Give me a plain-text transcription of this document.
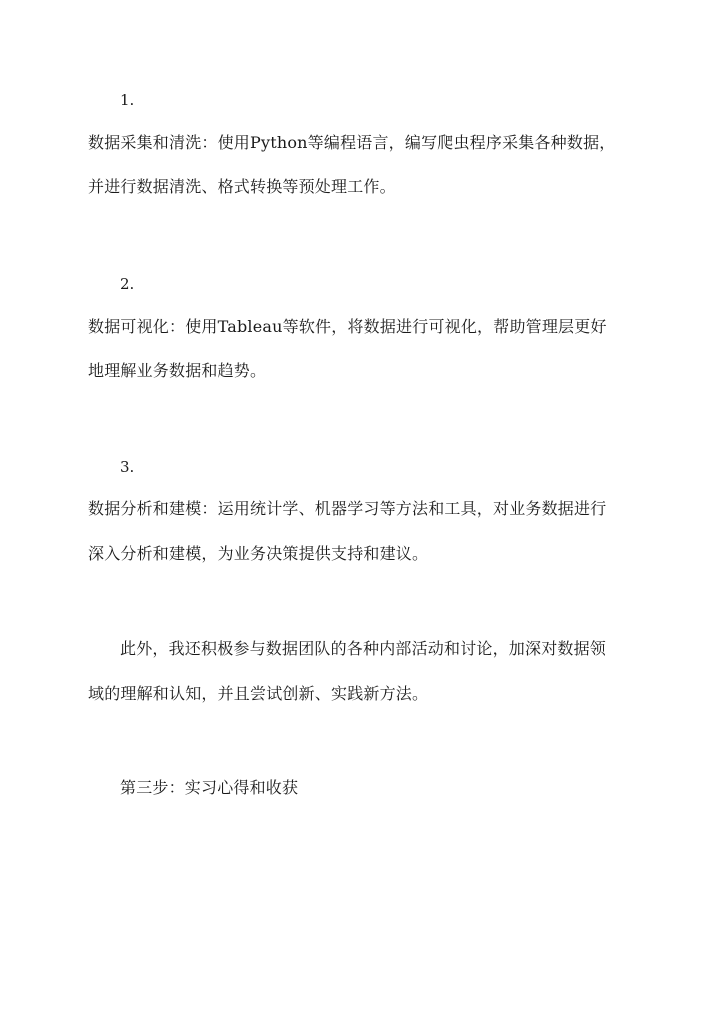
1.
数据采集和清洗：使用Python等编程语言，编写爬虫程序采集各种数据，
并进行数据清洗、格式转换等预处理工作。
2.
数据可视化：使用Tableau等软件，将数据进行可视化，帮助管理层更好
地理解业务数据和趋势。
3.
数据分析和建模：运用统计学、机器学习等方法和工具，对业务数据进行
深入分析和建模，为业务决策提供支持和建议。
此外，我还积极参与数据团队的各种内部活动和讨论，加深对数据领
域的理解和认知，并且尝试创新、实践新方法。
第三步：实习心得和收获
